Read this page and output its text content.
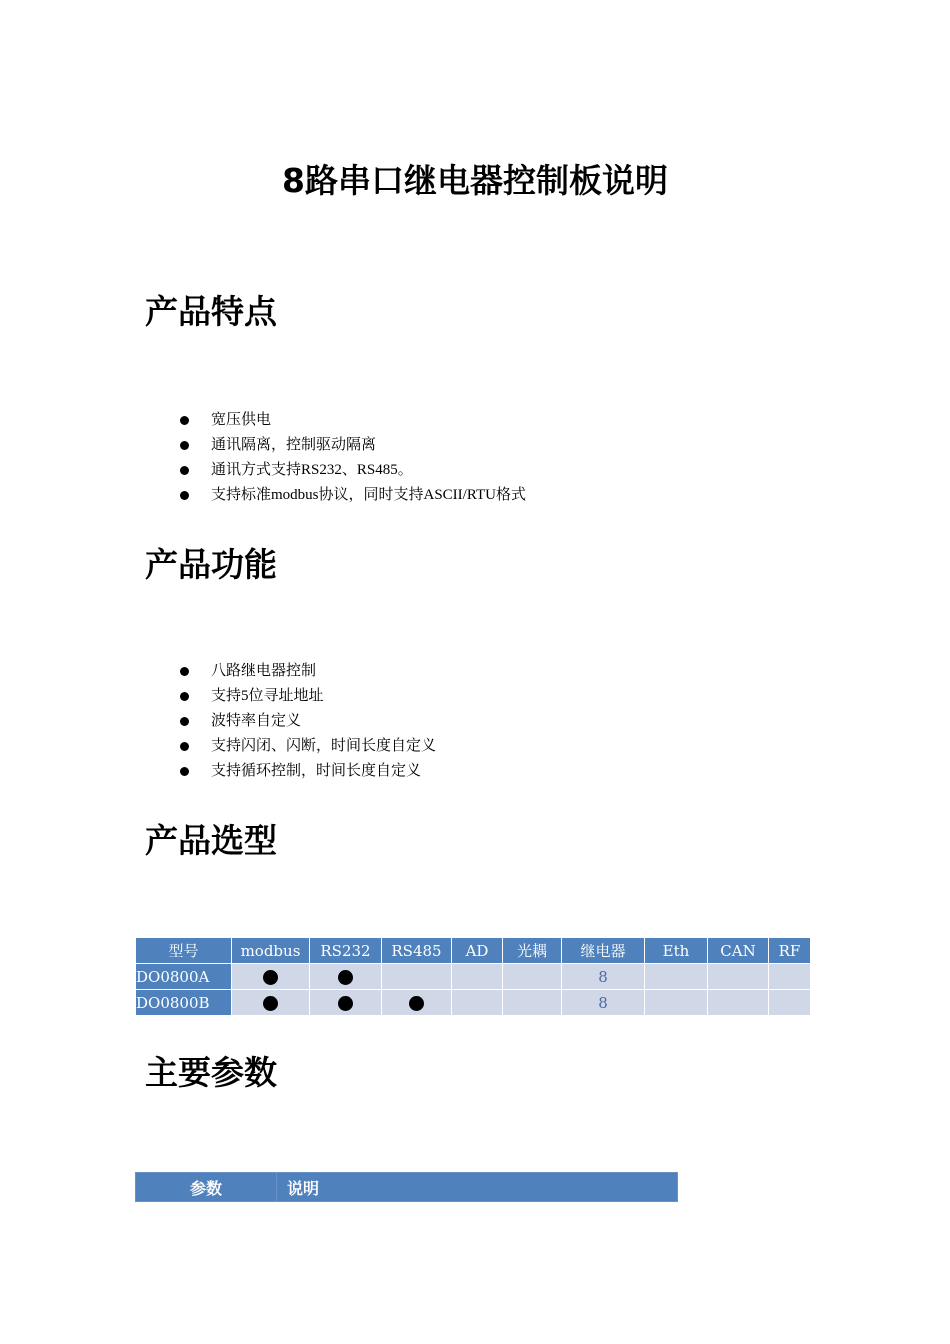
8路串口继电器控制板说明
产品特点
宽压供电
通讯隔离，控制驱动隔离
通讯方式支持RS232、RS485。
支持标准modbus协议，同时支持ASCII/RTU格式
产品功能
八路继电器控制
支持5位寻址地址
波特率自定义
支持闪闭、闪断，时间长度自定义
支持循环控制，时间长度自定义
产品选型
型号	modbus	RS232	RS485	AD	光耦	继电器	Eth	CAN	RF
DO0800A						8			
DO0800B						8			
主要参数
参数	说明
